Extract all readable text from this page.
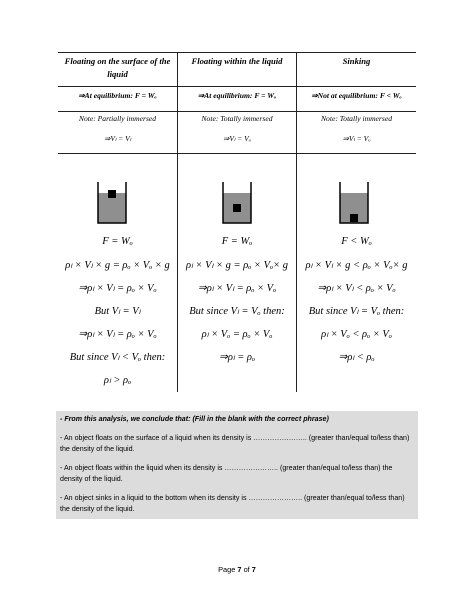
Floating on the surface of the liquid
⇒At equilibrium: F = Wₒ
Note: Partially immersed
⇒Vₗ = Vₗ
F = Wₒ
ρₗ × Vₗ × g = ρₒ × Vₒ × g
⇒ρₗ × Vₗ = ρₒ × Vₒ
But Vₗ = Vₗ
⇒ρₗ × Vₗ = ρₒ × Vₒ
But since Vₗ < Vₒ then:
ρₗ > ρₒ
Floating within the liquid
⇒At equilibrium: F = Wₒ
Note: Totally immersed
⇒Vₗ = Vₒ
F = Wₒ
ρₗ × Vₗ × g = ρₒ × Vₒ× g
⇒ρₗ × Vₗ = ρₒ × Vₒ
But since Vₗ = Vₒ then:
ρₗ × Vₒ = ρₒ × Vₒ
⇒ρₗ = ρₒ
Sinking
⇒Not at equilibrium: F < Wₒ
Note: Totally immersed
⇒Vₗ = Vₒ
F < Wₒ
ρₗ × Vₗ × g < ρₒ × Vₒ× g
⇒ρₗ × Vₗ < ρₒ × Vₒ
But since Vₗ = Vₒ then:
ρₗ × Vₒ < ρₒ × Vₒ
⇒ρₗ < ρₒ

- From this analysis, we conclude that: (Fill in the blank with the correct phrase)

- An object floats on the surface of a liquid when its density is ………………….. (greater than/equal to/less than) the density of the liquid.

- An object floats within the liquid when its density is ………………….. (greater than/equal to/less than) the density of the liquid.

- An object sinks in a liquid to the bottom when its density is ………………….. (greater than/equal to/less than) the density of the liquid.

Page 7 of 7
